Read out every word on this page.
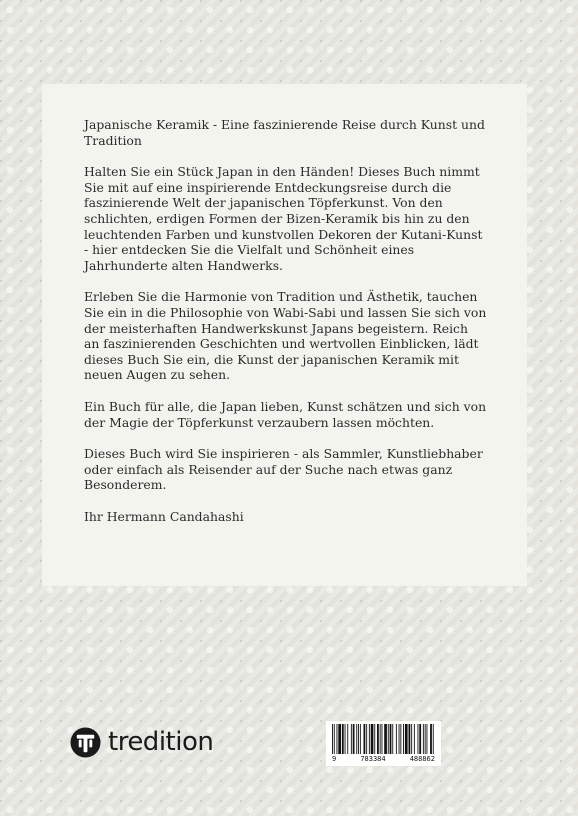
Japanische Keramik - Eine faszinierende Reise durch Kunst und Tradition

Halten Sie ein Stück Japan in den Händen! Dieses Buch nimmt Sie mit auf eine inspirierende Entdeckungsreise durch die faszinierende Welt der japanischen Töpferkunst. Von den schlichten, erdigen Formen der Bizen-Keramik bis hin zu den leuchtenden Farben und kunstvollen Dekoren der Kutani-Kunst - hier entdecken Sie die Vielfalt und Schönheit eines Jahrhunderte alten Handwerks.

Erleben Sie die Harmonie von Tradition und Ästhetik, tauchen Sie ein in die Philosophie von Wabi-Sabi und lassen Sie sich von der meisterhaften Handwerkskunst Japans begeistern. Reich an faszinierenden Geschichten und wertvollen Einblicken, lädt dieses Buch Sie ein, die Kunst der japanischen Keramik mit neuen Augen zu sehen.

Ein Buch für alle, die Japan lieben, Kunst schätzen und sich von der Magie der Töpferkunst verzaubern lassen möchten.

Dieses Buch wird Sie inspirieren - als Sammler, Kunstliebhaber oder einfach als Reisender auf der Suche nach etwas ganz Besonderem.

Ihr Hermann Candahashi

tredition
9	783384	488862
